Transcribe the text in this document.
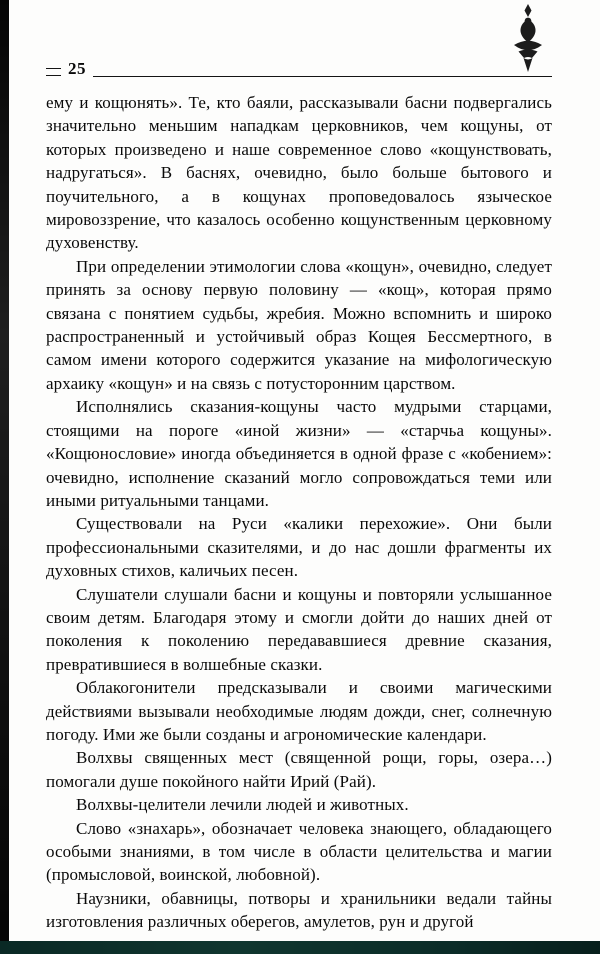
25

ему и кощюнять». Те, кто баяли, рассказывали басни подвергались значительно меньшим нападкам церковников, чем кощуны, от которых произведено и наше современное слово «кощунствовать, надругаться». В баснях, очевидно, было больше бытового и поучительного, а в кощунах проповедовалось языческое мировоззрение, что казалось особенно кощунственным церковному духовенству.

При определении этимологии слова «кощун», очевидно, следует принять за основу первую половину — «кощ», которая прямо связана с понятием судьбы, жребия. Можно вспомнить и широко распространенный и устойчивый образ Кощея Бессмертного, в самом имени которого содержится указание на мифологическую архаику «кощун» и на связь с потусторонним царством.

Исполнялись сказания-кощуны часто мудрыми старцами, стоящими на пороге «иной жизни» — «старчьа кощуны». «Кощюнословие» иногда объединяется в одной фразе с «кобением»: очевидно, исполнение сказаний могло сопровождаться теми или иными ритуальными танцами.

Существовали на Руси «калики перехожие». Они были профессиональными сказителями, и до нас дошли фрагменты их духовных стихов, каличьих песен.

Слушатели слушали басни и кощуны и повторяли услышанное своим детям. Благодаря этому и смогли дойти до наших дней от поколения к поколению передававшиеся древние сказания, превратившиеся в волшебные сказки.

Облакогонители предсказывали и своими магическими действиями вызывали необходимые людям дожди, снег, солнечную погоду. Ими же были созданы и агрономические календари.

Волхвы священных мест (священной рощи, горы, озера…) помогали душе покойного найти Ирий (Рай).

Волхвы-целители лечили людей и животных.

Слово «знахарь», обозначает человека знающего, обладающего особыми знаниями, в том числе в области целительства и магии (промысловой, воинской, любовной).

Наузники, обавницы, потворы и хранильники ведали тайны изготовления различных оберегов, амулетов, рун и другой
